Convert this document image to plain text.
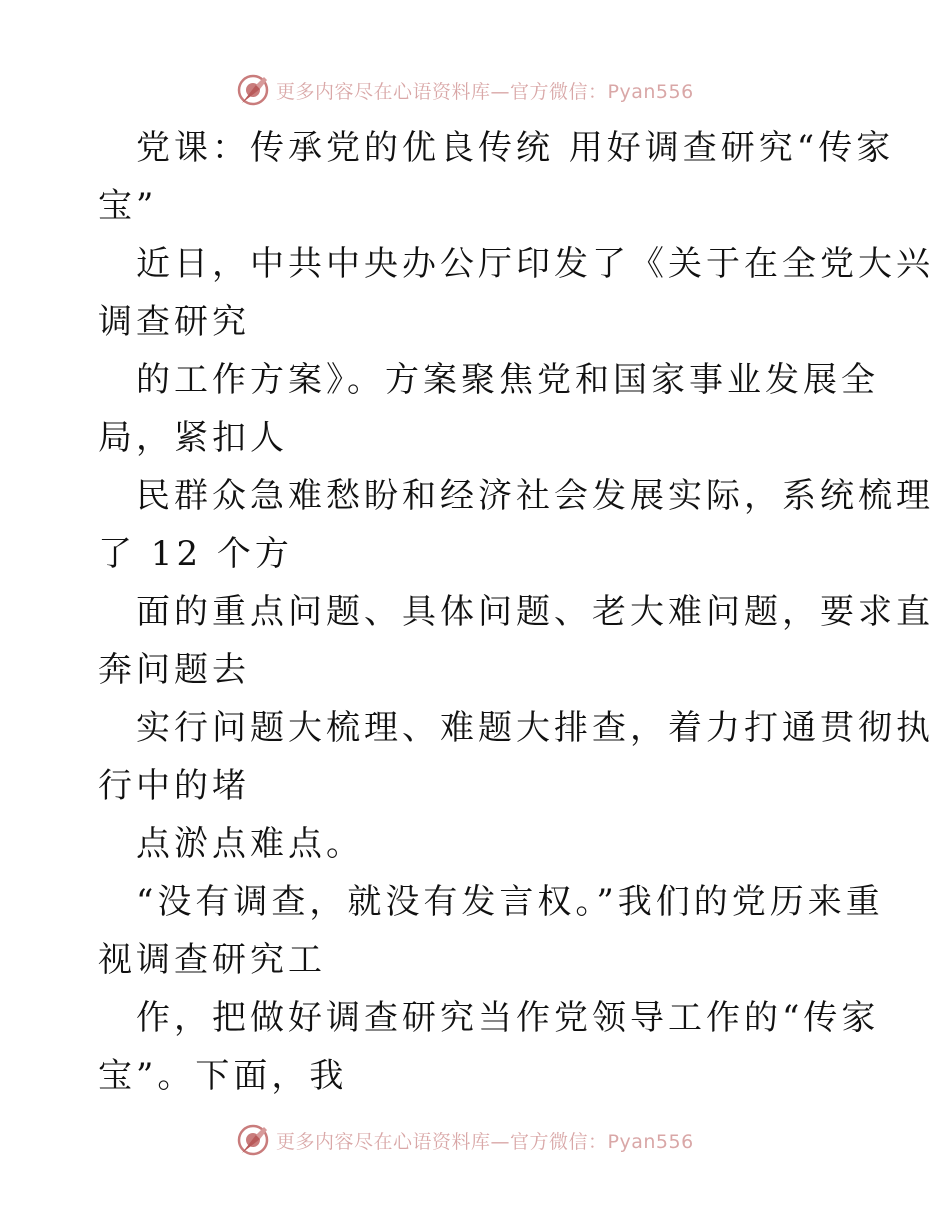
更多内容尽在心语资料库—官方微信：Pyan556
党课：传承党的优良传统 用好调查研究“传家
宝”
近日，中共中央办公厅印发了《关于在全党大兴
调查研究
的工作方案》。方案聚焦党和国家事业发展全
局，紧扣人
民群众急难愁盼和经济社会发展实际，系统梳理
了 12 个方
面的重点问题、具体问题、老大难问题，要求直
奔问题去
实行问题大梳理、难题大排查，着力打通贯彻执
行中的堵
点淤点难点。
“没有调查，就没有发言权。”我们的党历来重
视调查研究工
作，把做好调查研究当作党领导工作的“传家
宝”。下面，我
更多内容尽在心语资料库—官方微信：Pyan556
